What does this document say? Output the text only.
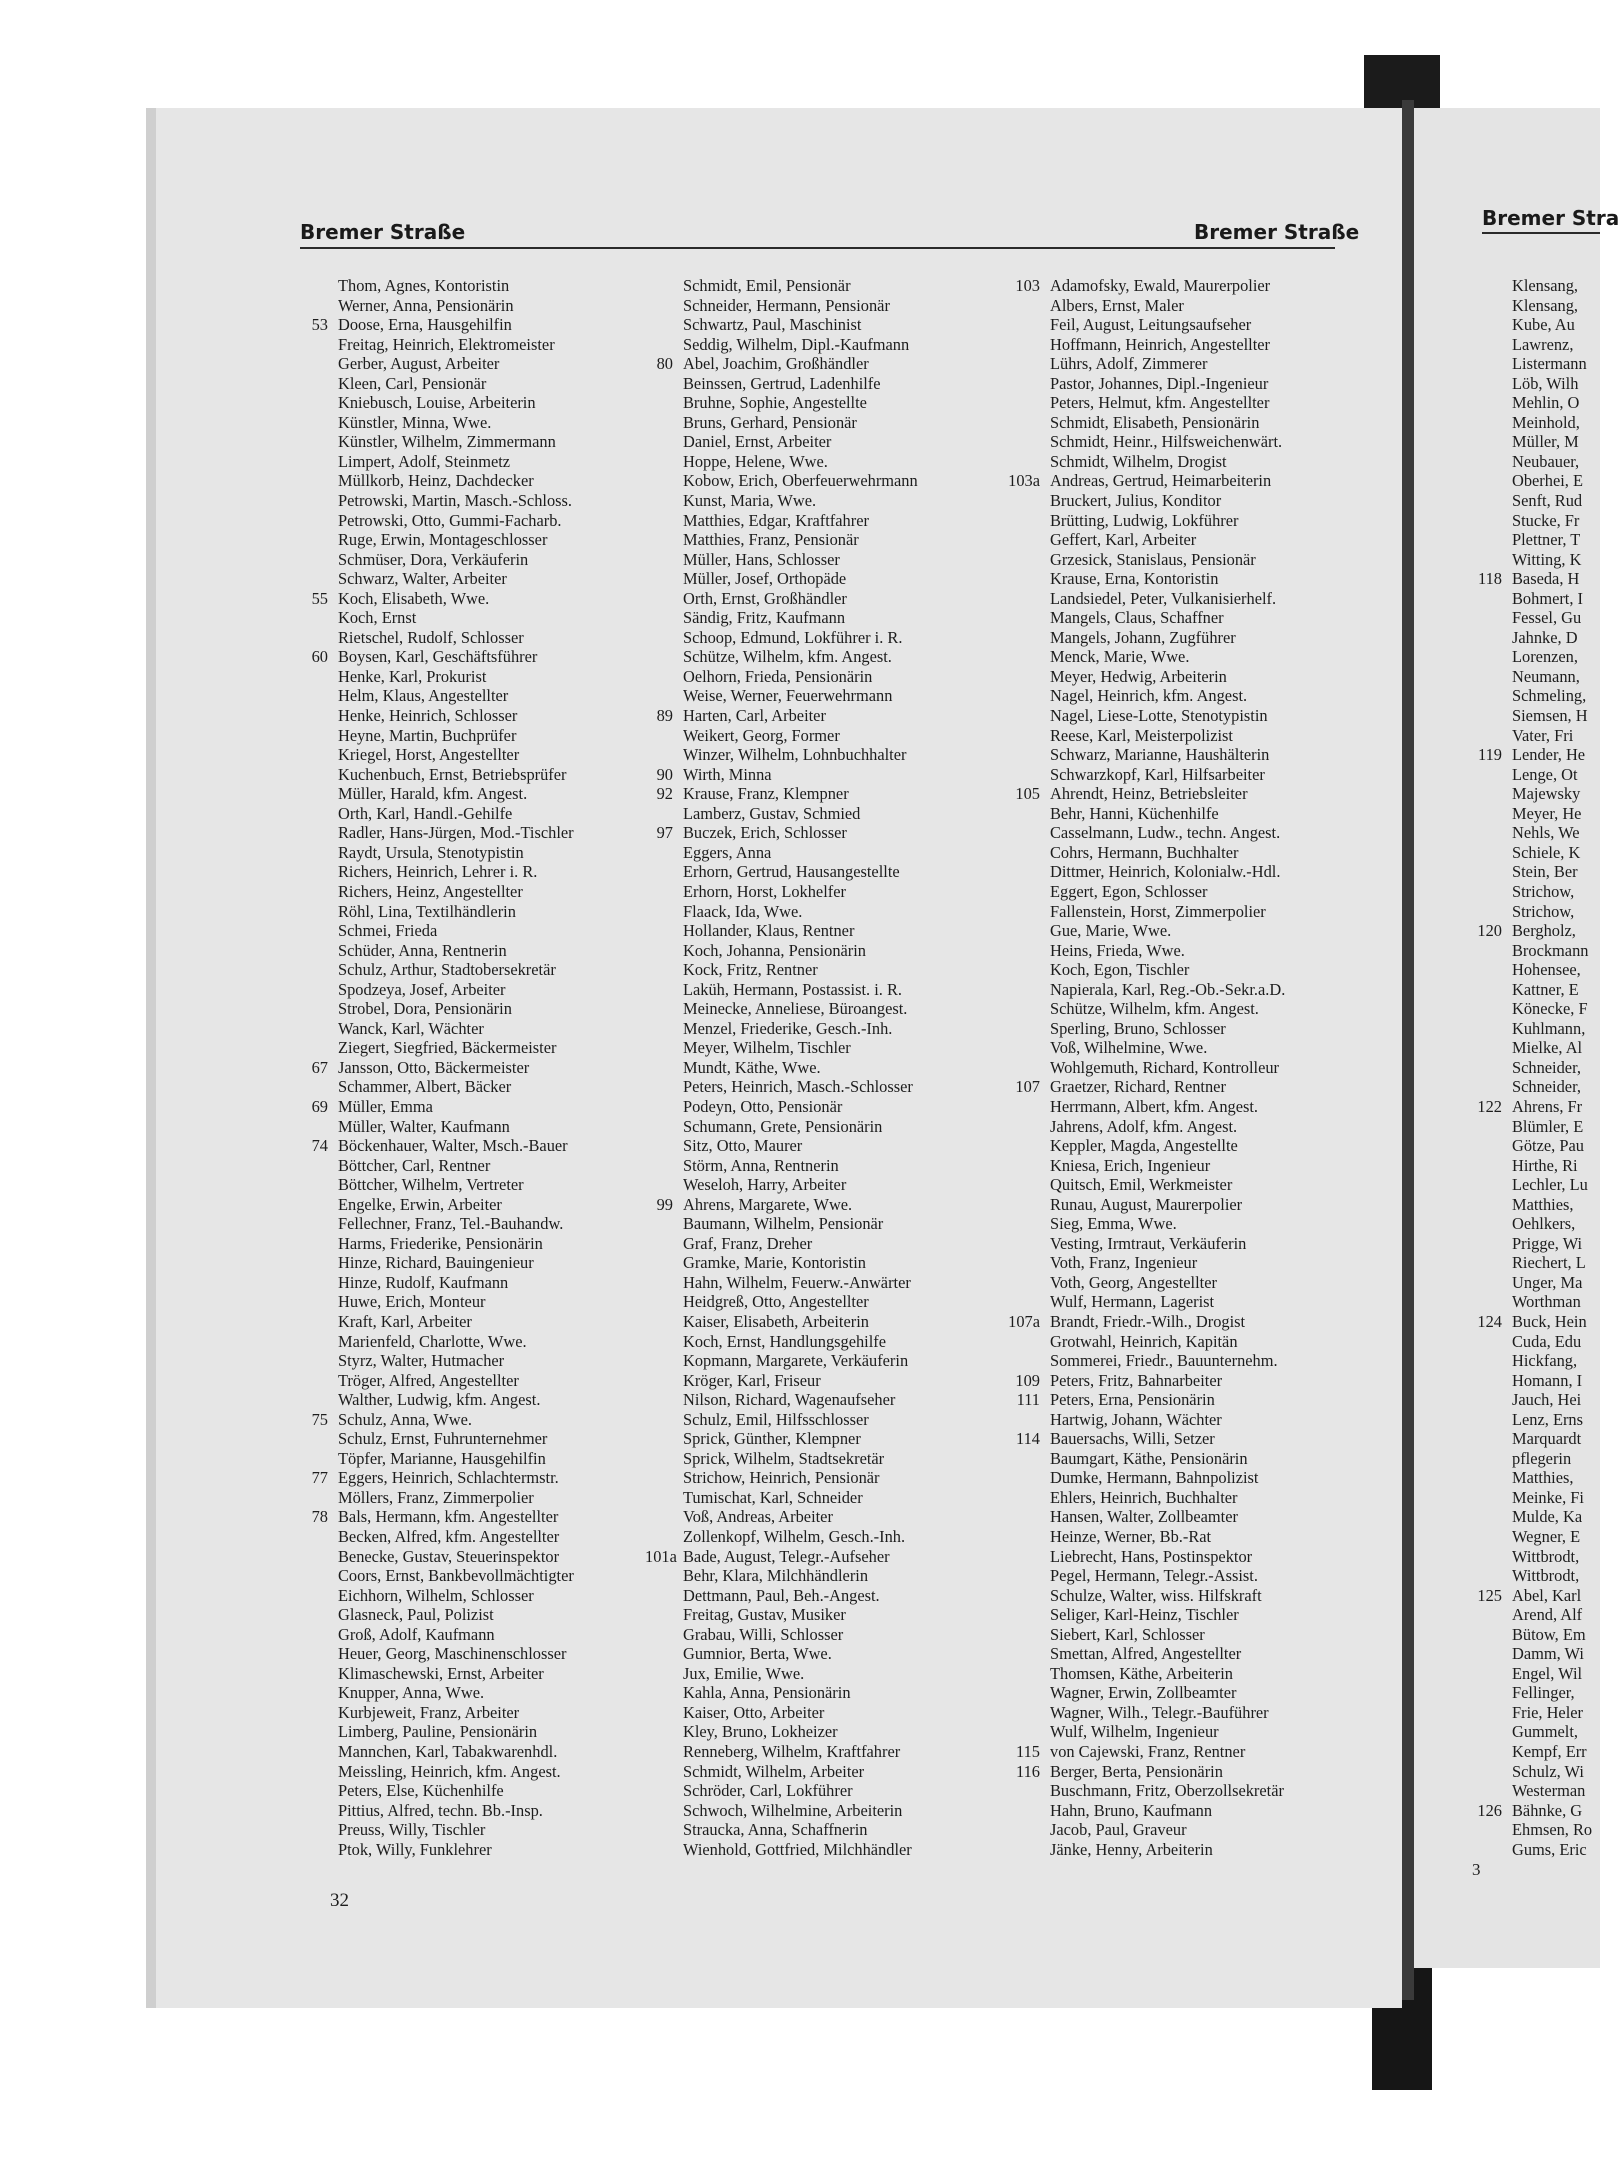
Bremer Straße	Bremer Straße
Bremer Stra
Thom, Agnes, Kontoristin
Werner, Anna, Pensionärin
53 Doose, Erna, Hausgehilfin
Freitag, Heinrich, Elektromeister
Gerber, August, Arbeiter
Kleen, Carl, Pensionär
Kniebusch, Louise, Arbeiterin
Künstler, Minna, Wwe.
Künstler, Wilhelm, Zimmermann
Limpert, Adolf, Steinmetz
Müllkorb, Heinz, Dachdecker
Petrowski, Martin, Masch.-Schloss.
Petrowski, Otto, Gummi-Facharb.
Ruge, Erwin, Montageschlosser
Schmüser, Dora, Verkäuferin
Schwarz, Walter, Arbeiter
55 Koch, Elisabeth, Wwe.
Koch, Ernst
Rietschel, Rudolf, Schlosser
60 Boysen, Karl, Geschäftsführer
Henke, Karl, Prokurist
Helm, Klaus, Angestellter
Henke, Heinrich, Schlosser
Heyne, Martin, Buchprüfer
Kriegel, Horst, Angestellter
Kuchenbuch, Ernst, Betriebsprüfer
Müller, Harald, kfm. Angest.
Orth, Karl, Handl.-Gehilfe
Radler, Hans-Jürgen, Mod.-Tischler
Raydt, Ursula, Stenotypistin
Richers, Heinrich, Lehrer i. R.
Richers, Heinz, Angestellter
Röhl, Lina, Textilhändlerin
Schmei, Frieda
Schüder, Anna, Rentnerin
Schulz, Arthur, Stadtobersekretär
Spodzeya, Josef, Arbeiter
Strobel, Dora, Pensionärin
Wanck, Karl, Wächter
Ziegert, Siegfried, Bäckermeister
67 Jansson, Otto, Bäckermeister
Schammer, Albert, Bäcker
69 Müller, Emma
Müller, Walter, Kaufmann
74 Böckenhauer, Walter, Msch.-Bauer
Böttcher, Carl, Rentner
Böttcher, Wilhelm, Vertreter
Engelke, Erwin, Arbeiter
Fellechner, Franz, Tel.-Bauhandw.
Harms, Friederike, Pensionärin
Hinze, Richard, Bauingenieur
Hinze, Rudolf, Kaufmann
Huwe, Erich, Monteur
Kraft, Karl, Arbeiter
Marienfeld, Charlotte, Wwe.
Styrz, Walter, Hutmacher
Tröger, Alfred, Angestellter
Walther, Ludwig, kfm. Angest.
75 Schulz, Anna, Wwe.
Schulz, Ernst, Fuhrunternehmer
Töpfer, Marianne, Hausgehilfin
77 Eggers, Heinrich, Schlachtermstr.
Möllers, Franz, Zimmerpolier
78 Bals, Hermann, kfm. Angestellter
Becken, Alfred, kfm. Angestellter
Benecke, Gustav, Steuerinspektor
Coors, Ernst, Bankbevollmächtigter
Eichhorn, Wilhelm, Schlosser
Glasneck, Paul, Polizist
Groß, Adolf, Kaufmann
Heuer, Georg, Maschinenschlosser
Klimaschewski, Ernst, Arbeiter
Knupper, Anna, Wwe.
Kurbjeweit, Franz, Arbeiter
Limberg, Pauline, Pensionärin
Mannchen, Karl, Tabakwarenhdl.
Meissling, Heinrich, kfm. Angest.
Peters, Else, Küchenhilfe
Pittius, Alfred, techn. Bb.-Insp.
Preuss, Willy, Tischler
Ptok, Willy, Funklehrer
Schmidt, Emil, Pensionär
Schneider, Hermann, Pensionär
Schwartz, Paul, Maschinist
Seddig, Wilhelm, Dipl.-Kaufmann
80 Abel, Joachim, Großhändler
Beinssen, Gertrud, Ladenhilfe
Bruhne, Sophie, Angestellte
Bruns, Gerhard, Pensionär
Daniel, Ernst, Arbeiter
Hoppe, Helene, Wwe.
Kobow, Erich, Oberfeuerwehrmann
Kunst, Maria, Wwe.
Matthies, Edgar, Kraftfahrer
Matthies, Franz, Pensionär
Müller, Hans, Schlosser
Müller, Josef, Orthopäde
Orth, Ernst, Großhändler
Sändig, Fritz, Kaufmann
Schoop, Edmund, Lokführer i. R.
Schütze, Wilhelm, kfm. Angest.
Oelhorn, Frieda, Pensionärin
Weise, Werner, Feuerwehrmann
89 Harten, Carl, Arbeiter
Weikert, Georg, Former
Winzer, Wilhelm, Lohnbuchhalter
90 Wirth, Minna
92 Krause, Franz, Klempner
Lamberz, Gustav, Schmied
97 Buczek, Erich, Schlosser
Eggers, Anna
Erhorn, Gertrud, Hausangestellte
Erhorn, Horst, Lokhelfer
Flaack, Ida, Wwe.
Hollander, Klaus, Rentner
Koch, Johanna, Pensionärin
Kock, Fritz, Rentner
Laküh, Hermann, Postassist. i. R.
Meinecke, Anneliese, Büroangest.
Menzel, Friederike, Gesch.-Inh.
Meyer, Wilhelm, Tischler
Mundt, Käthe, Wwe.
Peters, Heinrich, Masch.-Schlosser
Podeyn, Otto, Pensionär
Schumann, Grete, Pensionärin
Sitz, Otto, Maurer
Störm, Anna, Rentnerin
Weseloh, Harry, Arbeiter
99 Ahrens, Margarete, Wwe.
Baumann, Wilhelm, Pensionär
Graf, Franz, Dreher
Gramke, Marie, Kontoristin
Hahn, Wilhelm, Feuerw.-Anwärter
Heidgreß, Otto, Angestellter
Kaiser, Elisabeth, Arbeiterin
Koch, Ernst, Handlungsgehilfe
Kopmann, Margarete, Verkäuferin
Kröger, Karl, Friseur
Nilson, Richard, Wagenaufseher
Schulz, Emil, Hilfsschlosser
Sprick, Günther, Klempner
Sprick, Wilhelm, Stadtsekretär
Strichow, Heinrich, Pensionär
Tumischat, Karl, Schneider
Voß, Andreas, Arbeiter
Zollenkopf, Wilhelm, Gesch.-Inh.
101a Bade, August, Telegr.-Aufseher
Behr, Klara, Milchhändlerin
Dettmann, Paul, Beh.-Angest.
Freitag, Gustav, Musiker
Grabau, Willi, Schlosser
Gumnior, Berta, Wwe.
Jux, Emilie, Wwe.
Kahla, Anna, Pensionärin
Kaiser, Otto, Arbeiter
Kley, Bruno, Lokheizer
Renneberg, Wilhelm, Kraftfahrer
Schmidt, Wilhelm, Arbeiter
Schröder, Carl, Lokführer
Schwoch, Wilhelmine, Arbeiterin
Straucka, Anna, Schaffnerin
Wienhold, Gottfried, Milchhändler
103 Adamofsky, Ewald, Maurerpolier
Albers, Ernst, Maler
Feil, August, Leitungsaufseher
Hoffmann, Heinrich, Angestellter
Lührs, Adolf, Zimmerer
Pastor, Johannes, Dipl.-Ingenieur
Peters, Helmut, kfm. Angestellter
Schmidt, Elisabeth, Pensionärin
Schmidt, Heinr., Hilfsweichenwärt.
Schmidt, Wilhelm, Drogist
103a Andreas, Gertrud, Heimarbeiterin
Bruckert, Julius, Konditor
Brütting, Ludwig, Lokführer
Geffert, Karl, Arbeiter
Grzesick, Stanislaus, Pensionär
Krause, Erna, Kontoristin
Landsiedel, Peter, Vulkanisierhelf.
Mangels, Claus, Schaffner
Mangels, Johann, Zugführer
Menck, Marie, Wwe.
Meyer, Hedwig, Arbeiterin
Nagel, Heinrich, kfm. Angest.
Nagel, Liese-Lotte, Stenotypistin
Reese, Karl, Meisterpolizist
Schwarz, Marianne, Haushälterin
Schwarzkopf, Karl, Hilfsarbeiter
105 Ahrendt, Heinz, Betriebsleiter
Behr, Hanni, Küchenhilfe
Casselmann, Ludw., techn. Angest.
Cohrs, Hermann, Buchhalter
Dittmer, Heinrich, Kolonialw.-Hdl.
Eggert, Egon, Schlosser
Fallenstein, Horst, Zimmerpolier
Gue, Marie, Wwe.
Heins, Frieda, Wwe.
Koch, Egon, Tischler
Napierala, Karl, Reg.-Ob.-Sekr.a.D.
Schütze, Wilhelm, kfm. Angest.
Sperling, Bruno, Schlosser
Voß, Wilhelmine, Wwe.
Wohlgemuth, Richard, Kontrolleur
107 Graetzer, Richard, Rentner
Herrmann, Albert, kfm. Angest.
Jahrens, Adolf, kfm. Angest.
Keppler, Magda, Angestellte
Kniesa, Erich, Ingenieur
Quitsch, Emil, Werkmeister
Runau, August, Maurerpolier
Sieg, Emma, Wwe.
Vesting, Irmtraut, Verkäuferin
Voth, Franz, Ingenieur
Voth, Georg, Angestellter
Wulf, Hermann, Lagerist
107a Brandt, Friedr.-Wilh., Drogist
Grotwahl, Heinrich, Kapitän
Sommerei, Friedr., Bauunternehm.
109 Peters, Fritz, Bahnarbeiter
111 Peters, Erna, Pensionärin
Hartwig, Johann, Wächter
114 Bauersachs, Willi, Setzer
Baumgart, Käthe, Pensionärin
Dumke, Hermann, Bahnpolizist
Ehlers, Heinrich, Buchhalter
Hansen, Walter, Zollbeamter
Heinze, Werner, Bb.-Rat
Liebrecht, Hans, Postinspektor
Pegel, Hermann, Telegr.-Assist.
Schulze, Walter, wiss. Hilfskraft
Seliger, Karl-Heinz, Tischler
Siebert, Karl, Schlosser
Smettan, Alfred, Angestellter
Thomsen, Käthe, Arbeiterin
Wagner, Erwin, Zollbeamter
Wagner, Wilh., Telegr.-Bauführer
Wulf, Wilhelm, Ingenieur
115 von Cajewski, Franz, Rentner
116 Berger, Berta, Pensionärin
Buschmann, Fritz, Oberzollsekretär
Hahn, Bruno, Kaufmann
Jacob, Paul, Graveur
Jänke, Henny, Arbeiterin
Klensang,
Klensang,
Kube, Au
Lawrenz,
Listermann
Löb, Wilh
Mehlin, O
Meinhold,
Müller, M
Neubauer,
Oberhei, E
Senft, Rud
Stucke, Fr
Plettner, T
Witting, K
118 Baseda, H
Bohmert, I
Fessel, Gu
Jahnke, D
Lorenzen,
Neumann,
Schmeling,
Siemsen, H
Vater, Fri
119 Lender, He
Lenge, Ot
Majewsky
Meyer, He
Nehls, We
Schiele, K
Stein, Ber
Strichow,
Strichow,
120 Bergholz,
Brockmann
Hohensee,
Kattner, E
Könecke, F
Kuhlmann,
Mielke, Al
Schneider,
Schneider,
122 Ahrens, Fr
Blümler, E
Götze, Pau
Hirthe, Ri
Lechler, Lu
Matthies,
Oehlkers,
Prigge, Wi
Riechert, L
Unger, Ma
Worthman
124 Buck, Hein
Cuda, Edu
Hickfang,
Homann, I
Jauch, Hei
Lenz, Erns
Marquardt
pflegerin
Matthies,
Meinke, Fi
Mulde, Ka
Wegner, E
Wittbrodt,
Wittbrodt,
125 Abel, Karl
Arend, Alf
Bütow, Em
Damm, Wi
Engel, Wil
Fellinger,
Frie, Heler
Gummelt,
Kempf, Err
Schulz, Wi
Westerman
126 Bähnke, G
Ehmsen, Ro
Gums, Eric
32
3
